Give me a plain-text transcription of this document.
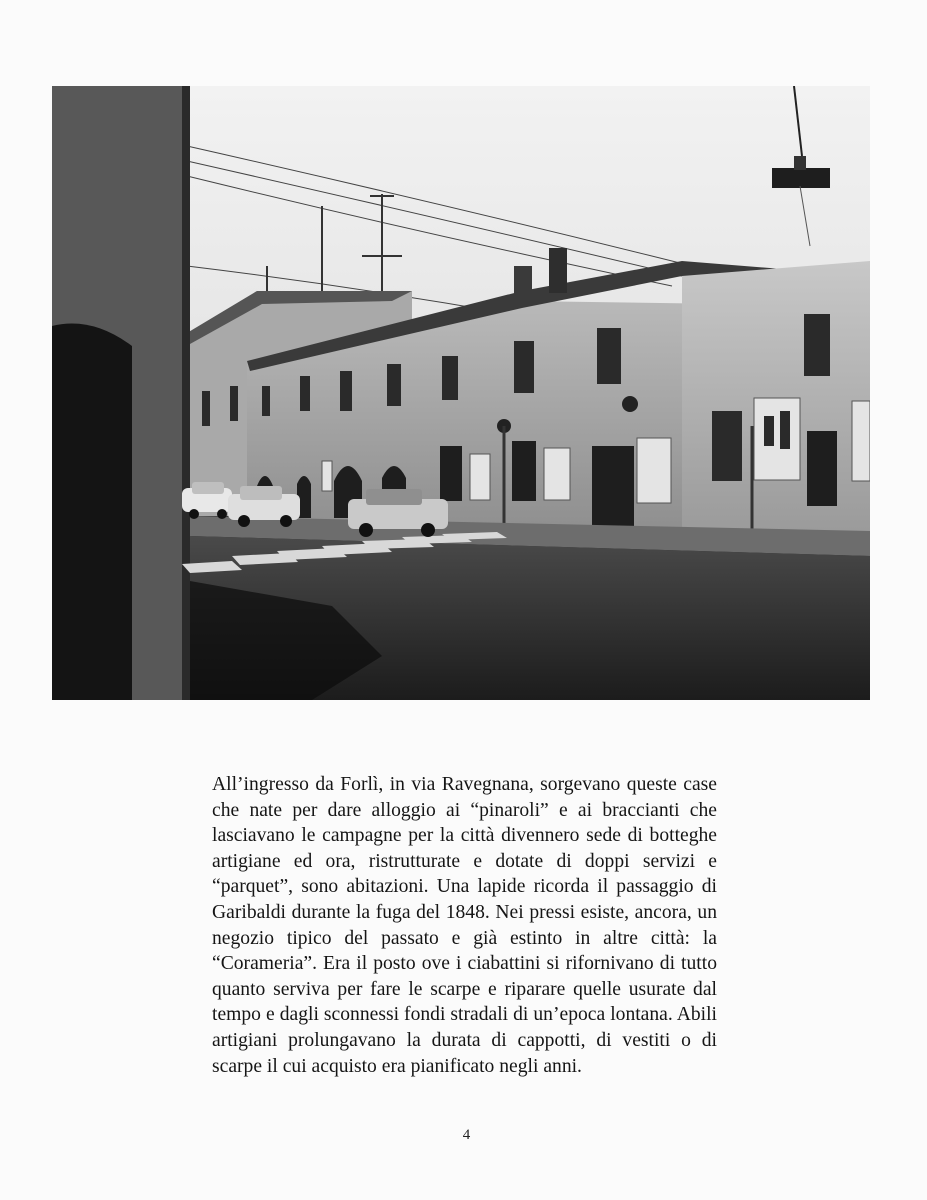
All’ingresso da Forlì, in via Ravegnana, sorgevano queste case che nate per dare alloggio ai “pinaroli” e ai braccianti che lasciavano le campagne per la città divennero sede di botteghe artigiane ed ora, ristrutturate e dotate di doppi servizi e “parquet”, sono abitazioni. Una lapide ricorda il passaggio di Garibaldi durante la fuga del 1848. Nei pressi esiste, ancora, un negozio tipico del passato e già estinto in altre città: la “Corameria”. Era il posto ove i ciabattini si rifornivano di tutto quanto serviva per fare le scarpe e riparare quelle usurate dal tempo e dagli sconnessi fondi stradali di un’epoca lontana. Abili artigiani prolungavano la durata di cappotti, di vestiti o di scarpe il cui acquisto era pianificato negli anni.

4
